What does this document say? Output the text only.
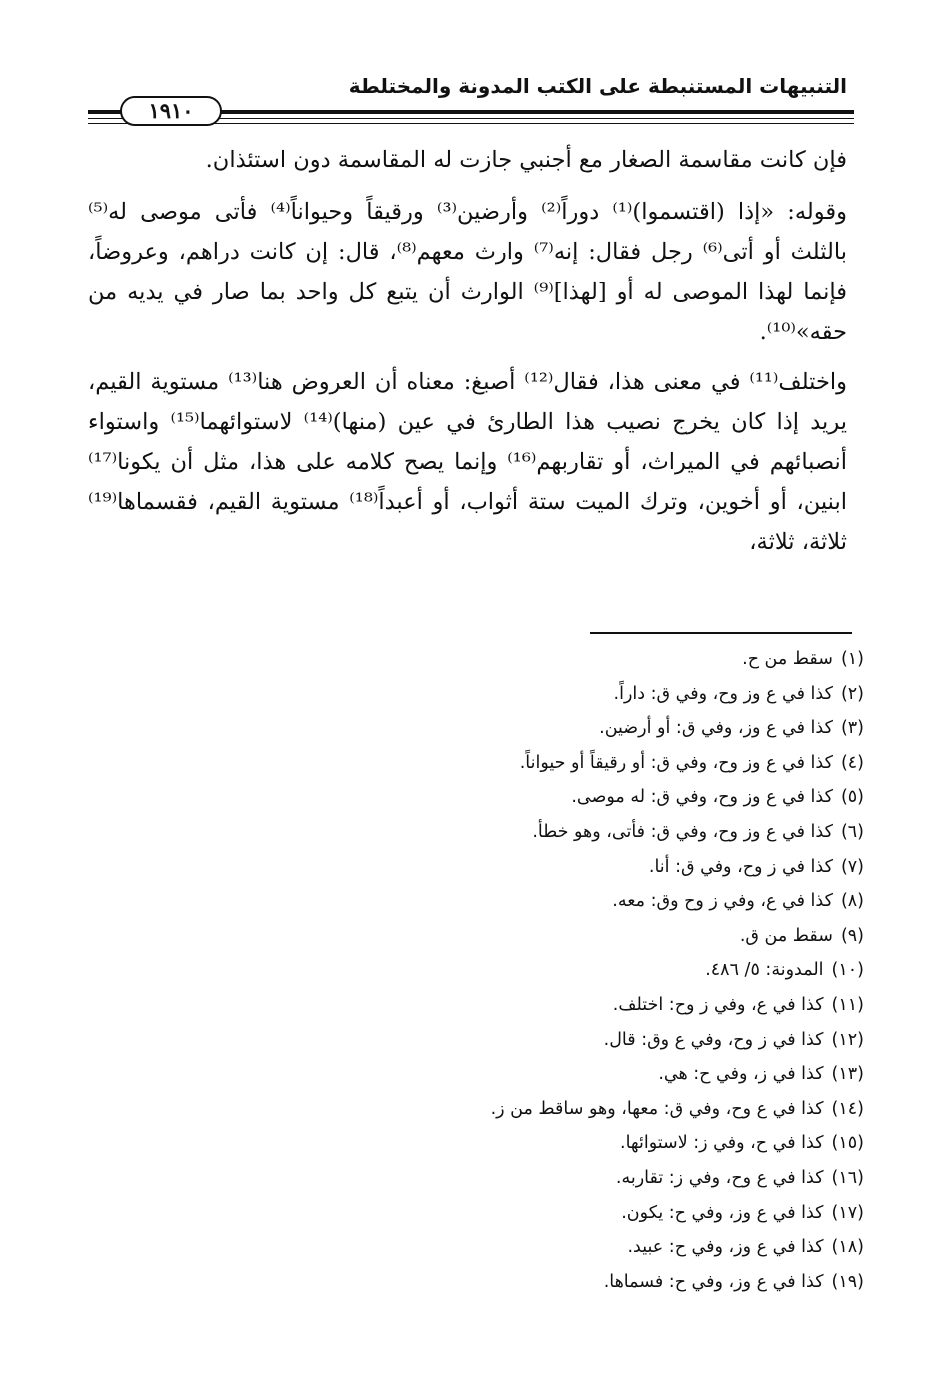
التنبيهات المستنبطة على الكتب المدونة والمختلطة
١٩١٠

فإن كانت مقاسمة الصغار مع أجنبي جازت له المقاسمة دون استئذان.

وقوله: «إذا (اقتسموا)⁽¹⁾ دوراً⁽²⁾ وأرضين⁽³⁾ ورقيقاً وحيواناً⁽⁴⁾ فأتى موصى له⁽⁵⁾ بالثلث أو أتى⁽⁶⁾ رجل فقال: إنه⁽⁷⁾ وارث معهم⁽⁸⁾، قال: إن كانت دراهم، وعروضاً، فإنما لهذا الموصى له أو [لهذا]⁽⁹⁾ الوارث أن يتبع كل واحد بما صار في يديه من حقه»⁽¹⁰⁾.

واختلف⁽¹¹⁾ في معنى هذا، فقال⁽¹²⁾ أصبغ: معناه أن العروض هنا⁽¹³⁾ مستوية القيم، يريد إذا كان يخرج نصيب هذا الطارئ في عين (منها)⁽¹⁴⁾ لاستوائهما⁽¹⁵⁾ واستواء أنصبائهم في الميراث، أو تقاربهم⁽¹⁶⁾ وإنما يصح كلامه على هذا، مثل أن يكونا⁽¹⁷⁾ ابنين، أو أخوين، وترك الميت ستة أثواب، أو أعبداً⁽¹⁸⁾ مستوية القيم، فقسماها⁽¹⁹⁾ ثلاثة، ثلاثة،

(١)سقط من ح.
(٢)كذا في ع وز وح، وفي ق: داراً.
(٣)كذا في ع وز، وفي ق: أو أرضين.
(٤)كذا في ع وز وح، وفي ق: أو رقيقاً أو حيواناً.
(٥)كذا في ع وز وح، وفي ق: له موصى.
(٦)كذا في ع وز وح، وفي ق: فأتى، وهو خطأ.
(٧)كذا في ز وح، وفي ق: أنا.
(٨)كذا في ع، وفي ز وح وق: معه.
(٩)سقط من ق.
(١٠)المدونة: ٥/ ٤٨٦.
(١١)كذا في ع، وفي ز وح: اختلف.
(١٢)كذا في ز وح، وفي ع وق: قال.
(١٣)كذا في ز، وفي ح: هي.
(١٤)كذا في ع وح، وفي ق: معها، وهو ساقط من ز.
(١٥)كذا في ح، وفي ز: لاستوائها.
(١٦)كذا في ع وح، وفي ز: تقاربه.
(١٧)كذا في ع وز، وفي ح: يكون.
(١٨)كذا في ع وز، وفي ح: عبيد.
(١٩)كذا في ع وز، وفي ح: فسماها.
